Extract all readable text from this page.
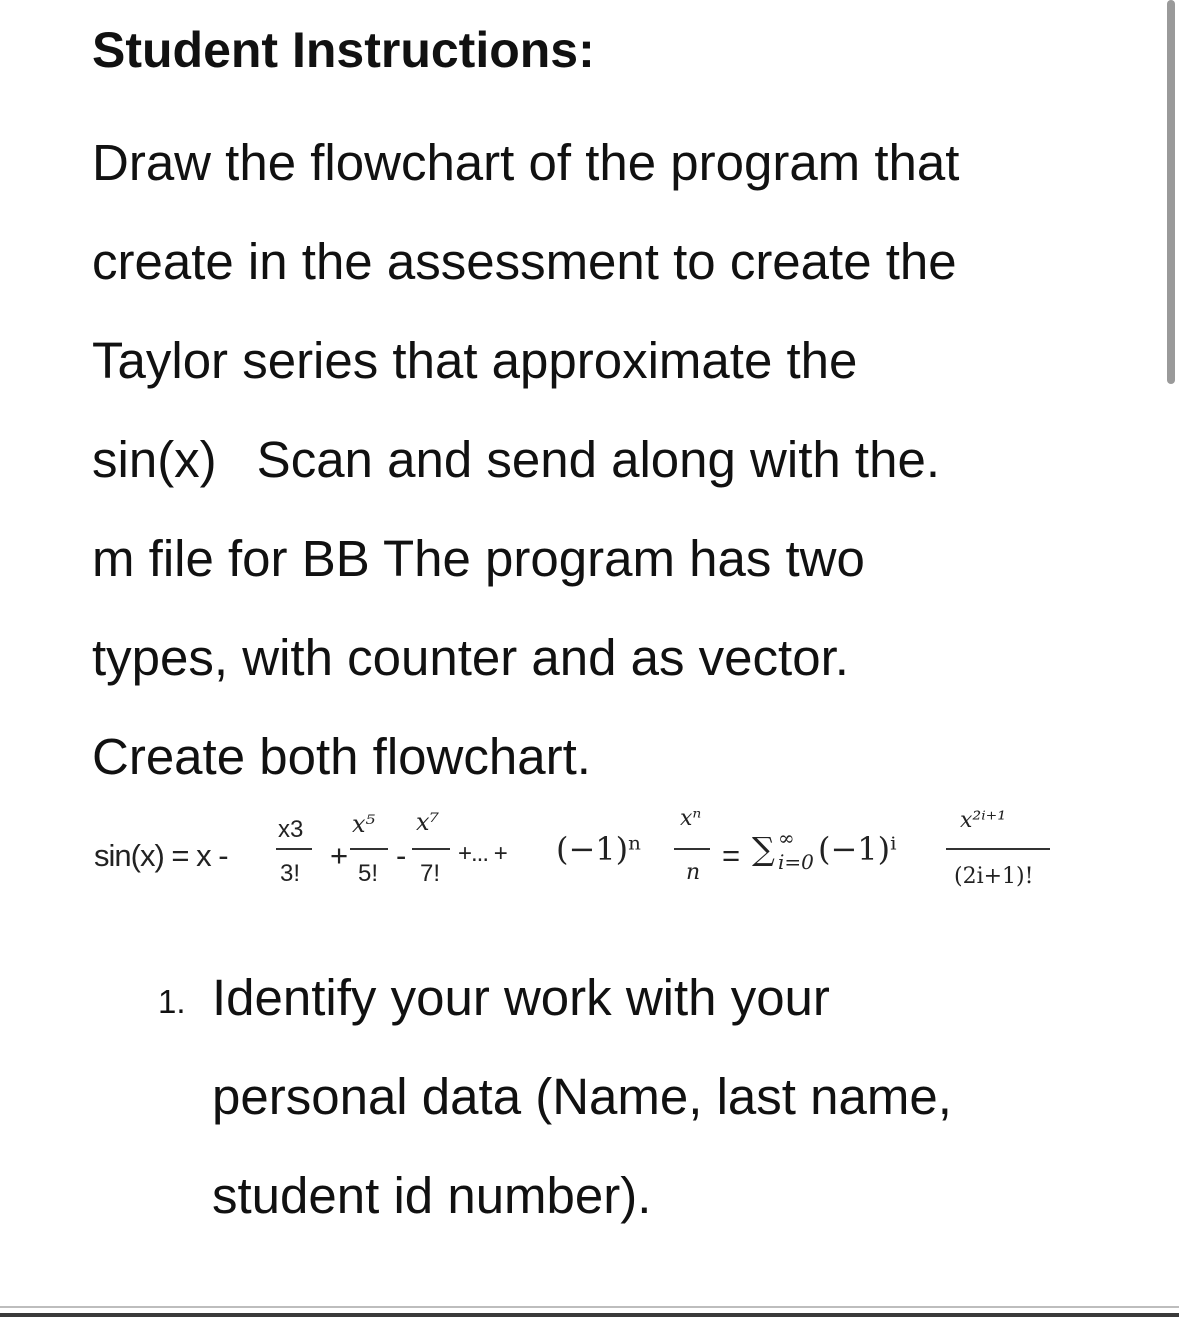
Student Instructions:
Draw the flowchart of the program that
create in the assessment to create the
Taylor series that approximate the
sin(x) Scan and send along with the.
m file for BB The program has two
types, with counter and as vector.
Create both flowchart.
sin(x) = x -
x3
3!
+
x⁵
5!
-
x⁷
7!
+... + (−1)ⁿ
xⁿ
n = ∑ ∞
i=0 (−1)ⁱ
x²ⁱ⁺¹
(2i+1)!
1. Identify your work with your
personal data (Name, last name,
student id number).
